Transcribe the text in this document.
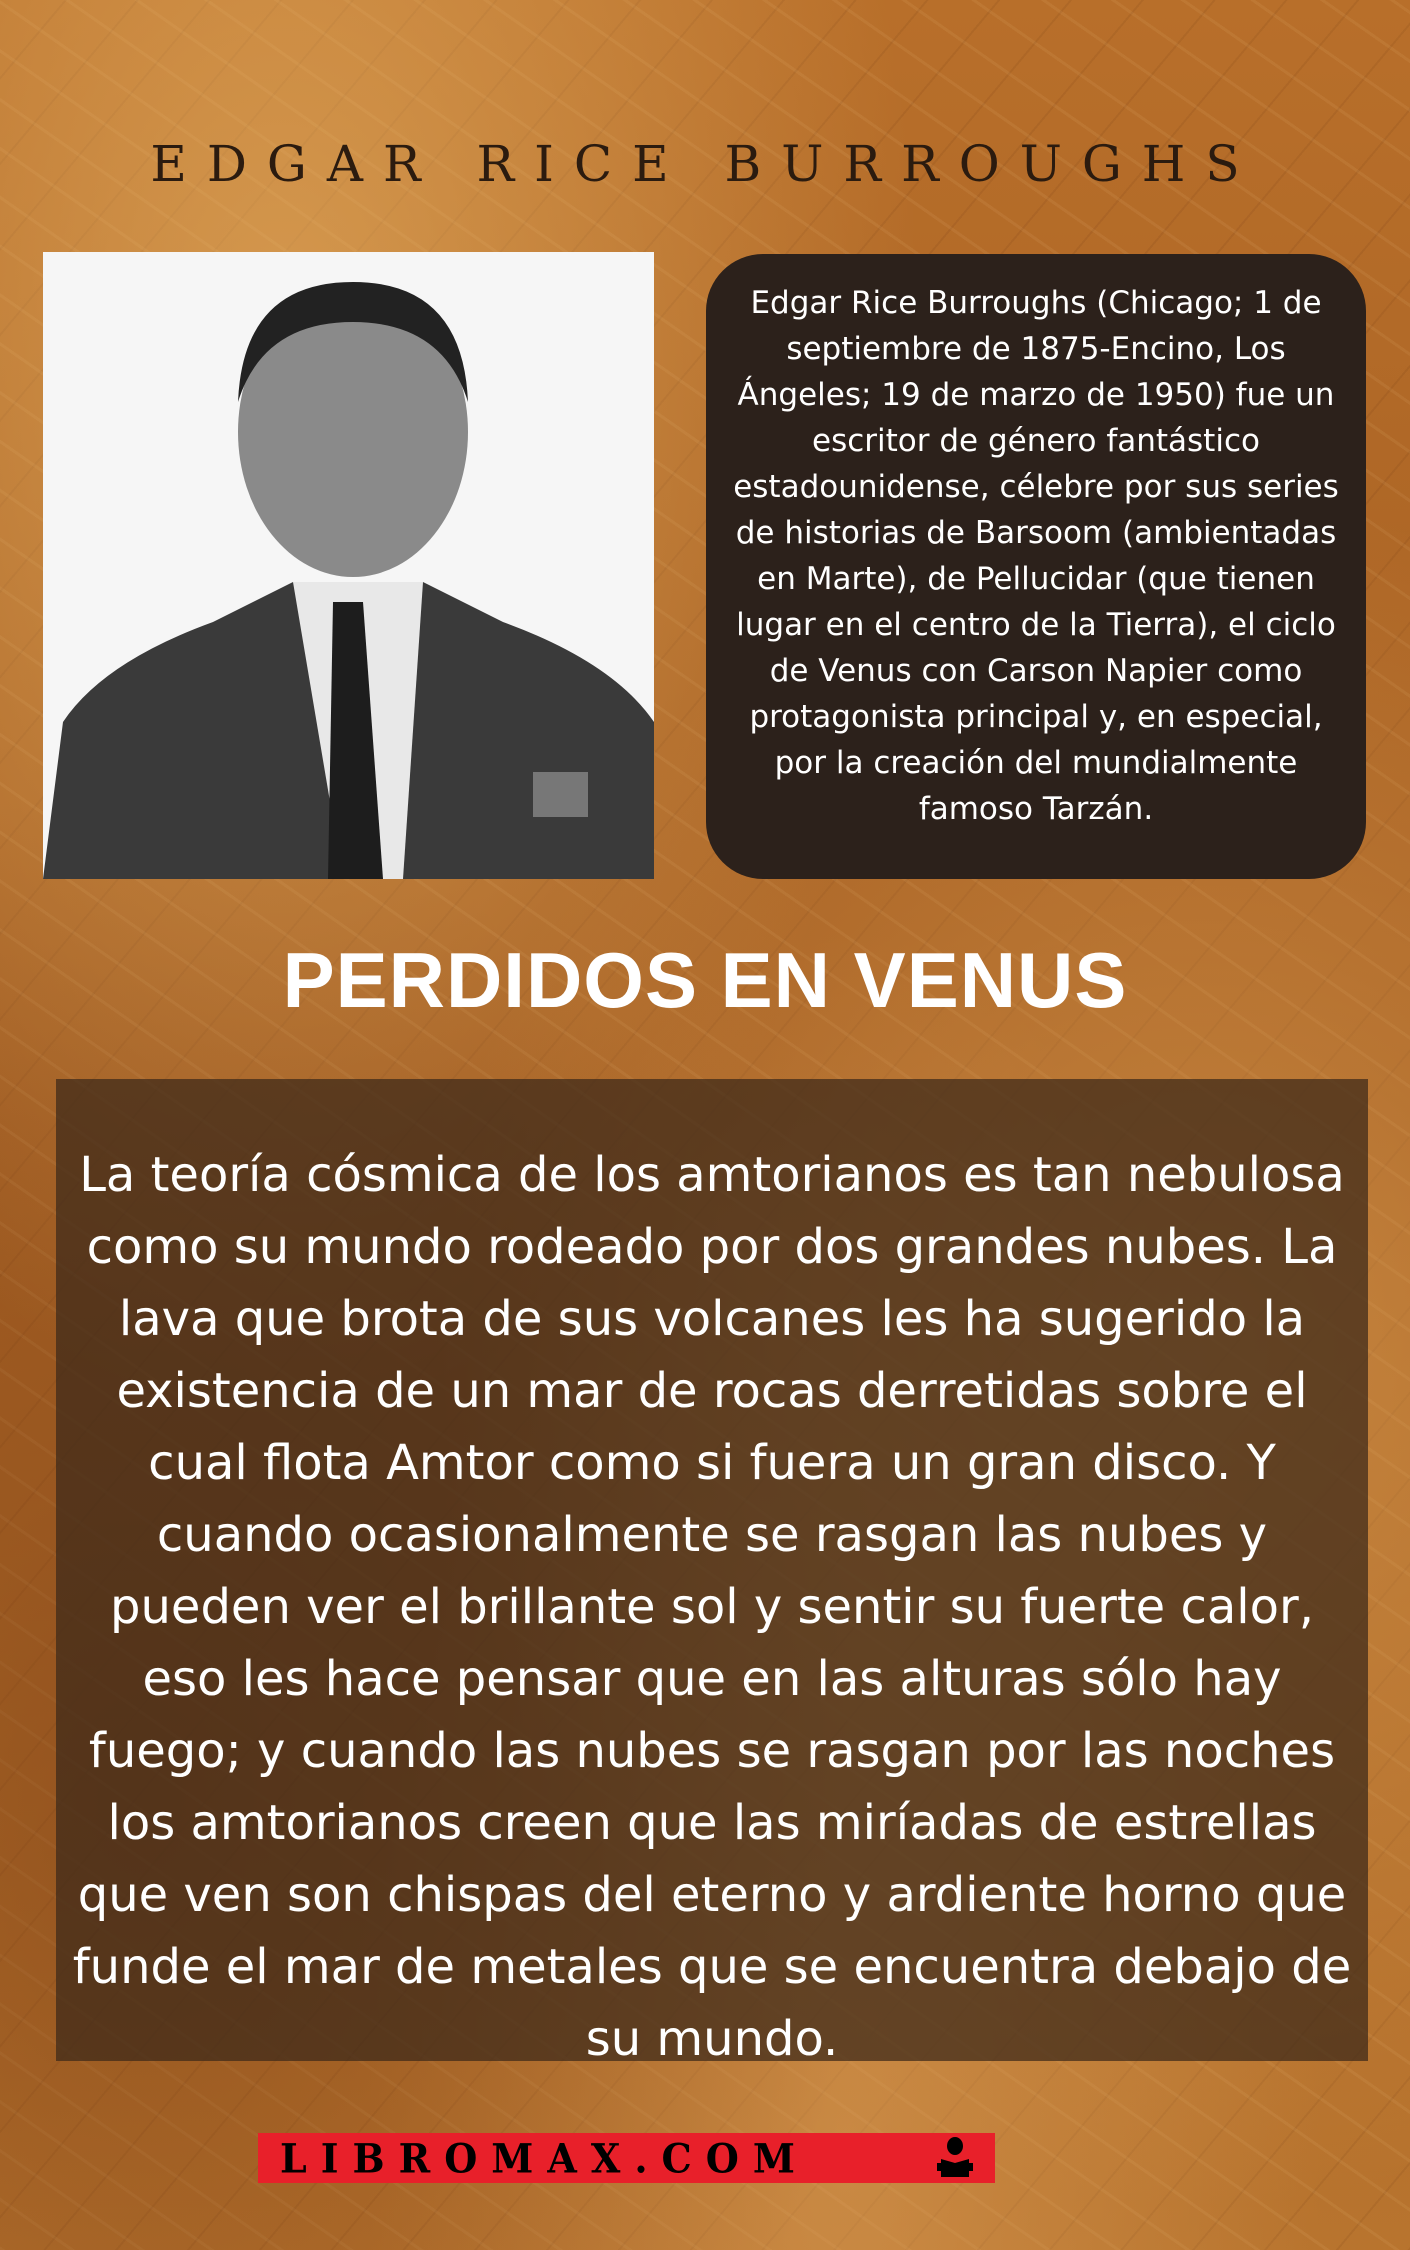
EDGAR RICE BURROUGHS
Edgar Rice Burroughs (Chicago; 1 de septiembre de 1875-Encino, Los Ángeles; 19 de marzo de 1950) fue un escritor de género fantástico estadounidense, célebre por sus series de historias de Barsoom (ambientadas en Marte), de Pellucidar (que tienen lugar en el centro de la Tierra), el ciclo de Venus con Carson Napier como protagonista principal y, en especial, por la creación del mundialmente famoso Tarzán.
PERDIDOS EN VENUS
La teoría cósmica de los amtorianos es tan nebulosa como su mundo rodeado por dos grandes nubes. La lava que brota de sus volcanes les ha sugerido la existencia de un mar de rocas derretidas sobre el cual flota Amtor como si fuera un gran disco. Y cuando ocasionalmente se rasgan las nubes y pueden ver el brillante sol y sentir su fuerte calor, eso les hace pensar que en las alturas sólo hay fuego; y cuando las nubes se rasgan por las noches los amtorianos creen que las miríadas de estrellas que ven son chispas del eterno y ardiente horno que funde el mar de metales que se encuentra debajo de su mundo.
LIBROMAX.COM
